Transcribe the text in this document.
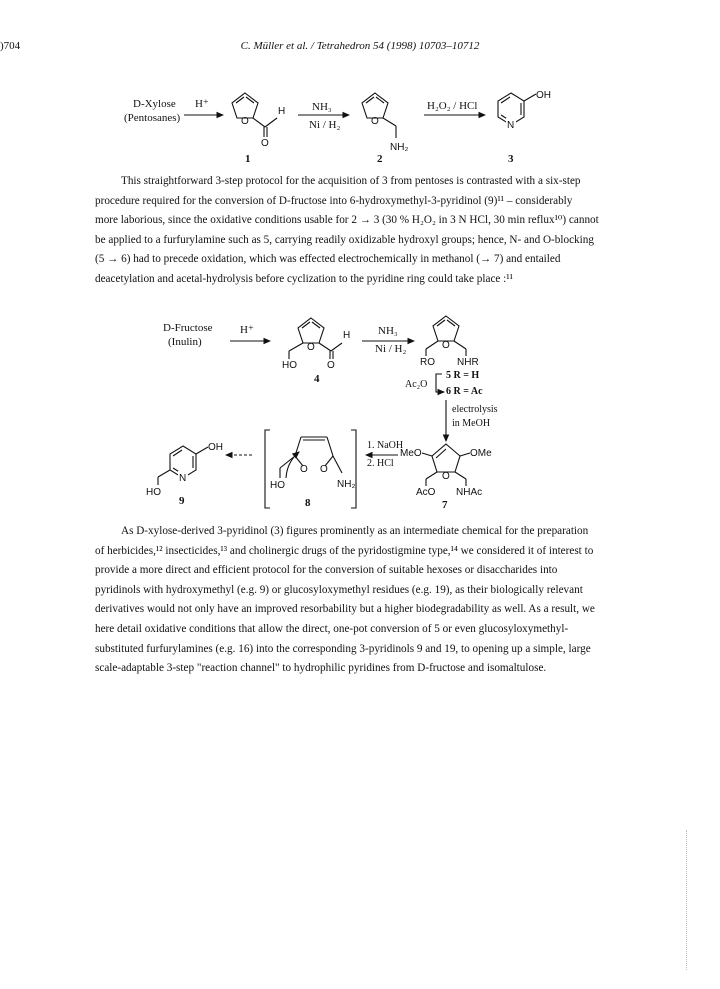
)704	C. Müller et al. / Tetrahedron 54 (1998) 10703–10712
D-Xylose
(Pentosanes)
H⁺
O
H
O
1
NH₃
Ni / H₂	O
NH₂
2
H₂O₂ / HCl
N
OH
3
D-Fructose
(Inulin)
H⁺
O
H
HO	O
4
NH₃
Ni / H₂	O
RO NHR
Ac₂O
5 R = H
6 R = Ac
electrolysis
in MeOH
MeO	OMe
O
AcO NHAc
7
1. NaOH
2. HCl
O O
HO	NH₂
8
N
OH
HO
9
This straightforward 3-step protocol for the acquisition of 3 from pentoses is contrasted with a six-step
procedure required for the conversion of D-fructose into 6-hydroxymethyl-3-pyridinol (9)¹¹ – considerably
more laborious, since the oxidative conditions usable for 2 → 3 (30 % H₂O₂ in 3 N HCl, 30 min reflux¹⁰) cannot
be applied to a furfurylamine such as 5, carrying readily oxidizable hydroxyl groups; hence, N- and O-blocking
(5 → 6) had to precede oxidation, which was effected electrochemically in methanol (→ 7) and entailed
deacetylation and acetal-hydrolysis before cyclization to the pyridine ring could take place :¹¹
As D-xylose-derived 3-pyridinol (3) figures prominently as an intermediate chemical for the preparation
of herbicides,¹² insecticides,¹³ and cholinergic drugs of the pyridostigmine type,¹⁴ we considered it of interest to
provide a more direct and efficient protocol for the conversion of suitable hexoses or disaccharides into
pyridinols with hydroxymethyl (e.g. 9) or glucosyloxymethyl residues (e.g. 19), as their biologically relevant
derivatives would not only have an improved resorbability but a higher biodegradability as well. As a result, we
here detail oxidative conditions that allow the direct, one-pot conversion of 5 or even glucosyloxymethyl-
substituted furfurylamines (e.g. 16) into the corresponding 3-pyridinols 9 and 19, to opening up a simple, large
scale-adaptable 3-step "reaction channel" to hydrophilic pyridines from D-fructose and isomaltulose.
